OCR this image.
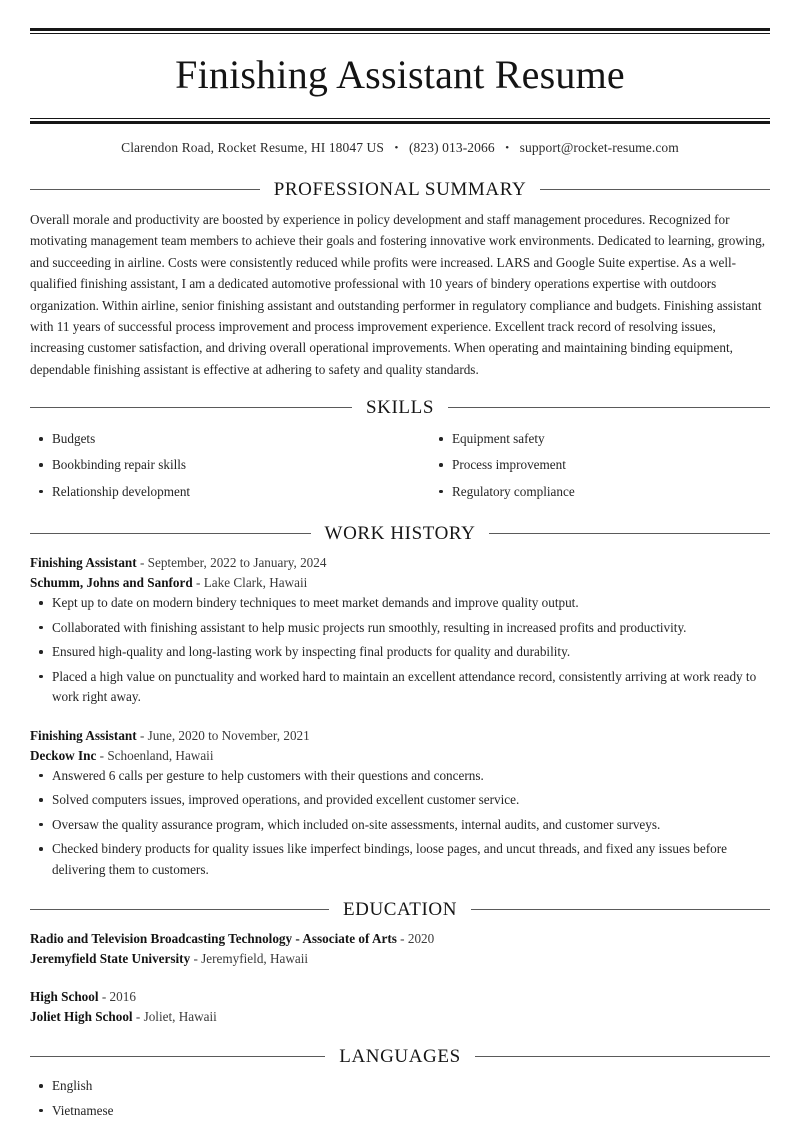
Finishing Assistant Resume
Clarendon Road, Rocket Resume, HI 18047 US • (823) 013-2066 • support@rocket-resume.com
PROFESSIONAL SUMMARY

Overall morale and productivity are boosted by experience in policy development and staff management procedures. Recognized for motivating management team members to achieve their goals and fostering innovative work environments. Dedicated to learning, growing, and succeeding in airline. Costs were consistently reduced while profits were increased. LARS and Google Suite expertise. As a well-qualified finishing assistant, I am a dedicated automotive professional with 10 years of bindery operations expertise with outdoors organization. Within airline, senior finishing assistant and outstanding performer in regulatory compliance and budgets. Finishing assistant with 11 years of successful process improvement and process improvement experience. Excellent track record of resolving issues, increasing customer satisfaction, and driving overall operational improvements. When operating and maintaining binding equipment, dependable finishing assistant is effective at adhering to safety and quality standards.

SKILLS
Budgets
Bookbinding repair skills
Relationship development
Equipment safety
Process improvement
Regulatory compliance
WORK HISTORY
Finishing Assistant - September, 2022 to January, 2024
Schumm, Johns and Sanford - Lake Clark, Hawaii
Kept up to date on modern bindery techniques to meet market demands and improve quality output.
Collaborated with finishing assistant to help music projects run smoothly, resulting in increased profits and productivity.
Ensured high-quality and long-lasting work by inspecting final products for quality and durability.
Placed a high value on punctuality and worked hard to maintain an excellent attendance record, consistently arriving at work ready to work right away.
Finishing Assistant - June, 2020 to November, 2021
Deckow Inc - Schoenland, Hawaii
Answered 6 calls per gesture to help customers with their questions and concerns.
Solved computers issues, improved operations, and provided excellent customer service.
Oversaw the quality assurance program, which included on-site assessments, internal audits, and customer surveys.
Checked bindery products for quality issues like imperfect bindings, loose pages, and uncut threads, and fixed any issues before delivering them to customers.
EDUCATION
Radio and Television Broadcasting Technology - Associate of Arts - 2020
Jeremyfield State University - Jeremyfield, Hawaii
High School - 2016
Joliet High School - Joliet, Hawaii
LANGUAGES
English
Vietnamese
